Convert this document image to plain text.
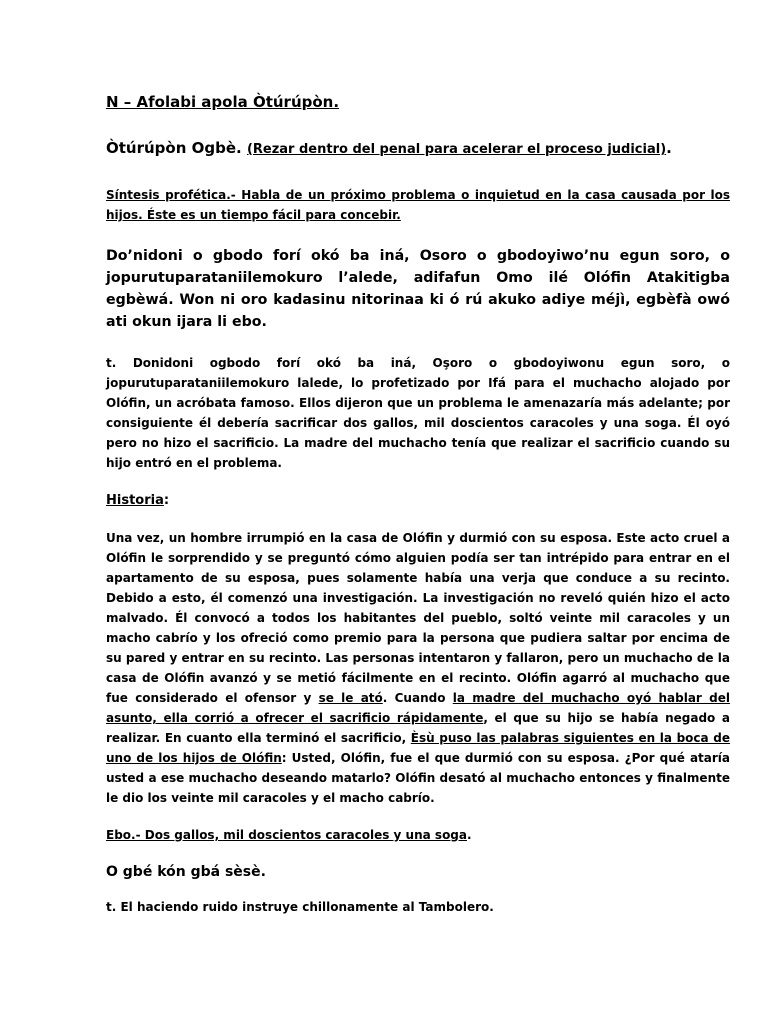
N – Afolabi apola Òtúrúpòn.
Òtúrúpòn Ogbè. (Rezar dentro del penal para acelerar el proceso judicial).
Síntesis profética.- Habla de un próximo problema o inquietud en la casa causada por los hijos. Éste es un tiempo fácil para concebir.
Do’nidoni o gbodo forí okó ba iná, Osoro o gbodoyiwo’nu egun soro, o jopurutuparataniilemokuro l’alede, adifafun Omo ilé Olófin Atakitigba egbèwá. Won ni oro kadasinu nitorinaa ki ó rú akuko adiye méjì, egbèfà owó ati okun ijara li ebo.
t. Donidoni ogbodo forí okó ba iná, Oşoro o gbodoyiwonu egun soro, o jopurutuparataniilemokuro lalede, lo profetizado por Ifá para el muchacho alojado por Olófin, un acróbata famoso. Ellos dijeron que un problema le amenazaría más adelante; por consiguiente él debería sacrificar dos gallos, mil doscientos caracoles y una soga. Él oyó pero no hizo el sacrificio. La madre del muchacho tenía que realizar el sacrificio cuando su hijo entró en el problema.
Historia:
Una vez, un hombre irrumpió en la casa de Olófin y durmió con su esposa. Este acto cruel a Olófin le sorprendido y se preguntó cómo alguien podía ser tan intrépido para entrar en el apartamento de su esposa, pues solamente había una verja que conduce a su recinto. Debido a esto, él comenzó una investigación. La investigación no reveló quién hizo el acto malvado. Él convocó a todos los habitantes del pueblo, soltó veinte mil caracoles y un macho cabrío y los ofreció como premio para la persona que pudiera saltar por encima de su pared y entrar en su recinto. Las personas intentaron y fallaron, pero un muchacho de la casa de Olófin avanzó y se metió fácilmente en el recinto. Olófin agarró al muchacho que fue considerado el ofensor y se le ató. Cuando la madre del muchacho oyó hablar del asunto, ella corrió a ofrecer el sacrificio rápidamente, el que su hijo se había negado a realizar. En cuanto ella terminó el sacrificio, Èsù puso las palabras siguientes en la boca de uno de los hijos de Olófin: Usted, Olófin, fue el que durmió con su esposa. ¿Por qué ataría usted a ese muchacho deseando matarlo? Olófin desató al muchacho entonces y finalmente le dio los veinte mil caracoles y el macho cabrío.
Ebo.- Dos gallos, mil doscientos caracoles y una soga.
O gbé kón gbá sèsè.
t. El haciendo ruido instruye chillonamente al Tambolero.
